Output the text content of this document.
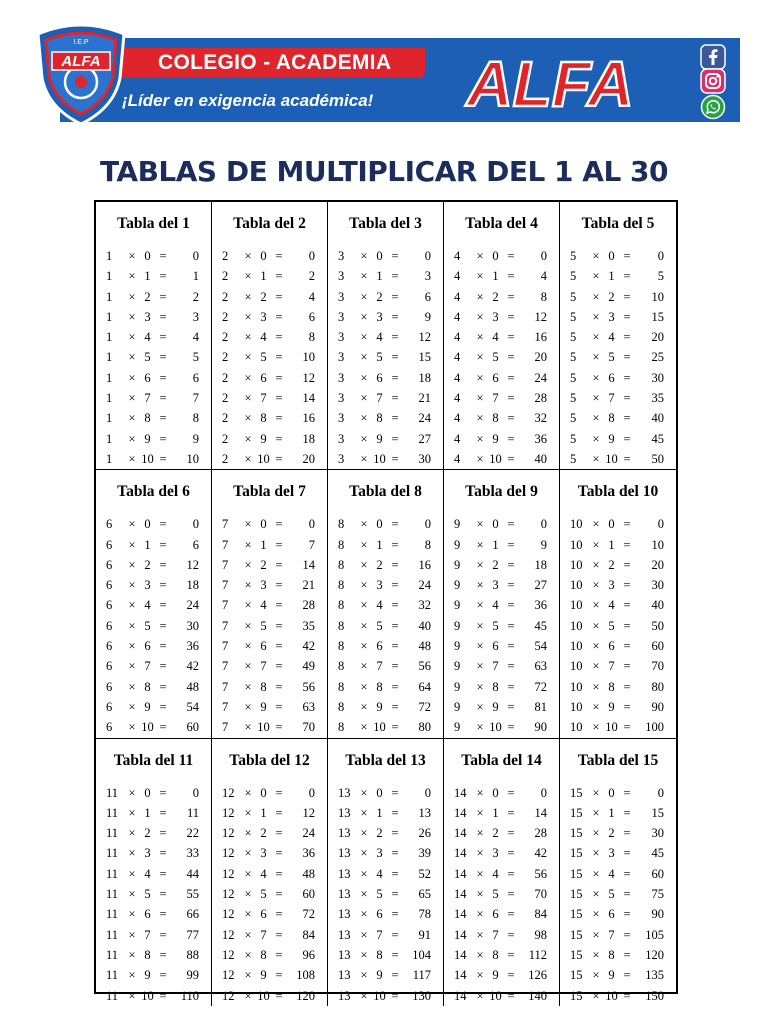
COLEGIO - ACADEMIA
¡Líder en exigencia académica!
ALFA
I.E.P
ALFA
TABLAS DE MULTIPLICAR DEL 1 AL 30
Tabla del 1
1	× 0 =	0
1	× 1 =	1
1	× 2 =	2
1	× 3 =	3
1	× 4 =	4
1	× 5 =	5
1	× 6 =	6
1	× 7 =	7
1	× 8 =	8
1	× 9 =	9
1	× 10 =	10
Tabla del 2
2	× 0 =	0
2	× 1 =	2
2	× 2 =	4
2	× 3 =	6
2	× 4 =	8
2	× 5 =	10
2	× 6 =	12
2	× 7 =	14
2	× 8 =	16
2	× 9 =	18
2	× 10 =	20
Tabla del 3
3	× 0 =	0
3	× 1 =	3
3	× 2 =	6
3	× 3 =	9
3	× 4 =	12
3	× 5 =	15
3	× 6 =	18
3	× 7 =	21
3	× 8 =	24
3	× 9 =	27
3	× 10 =	30
Tabla del 4
4	× 0 =	0
4	× 1 =	4
4	× 2 =	8
4	× 3 =	12
4	× 4 =	16
4	× 5 =	20
4	× 6 =	24
4	× 7 =	28
4	× 8 =	32
4	× 9 =	36
4	× 10 =	40
Tabla del 5
5	× 0 =	0
5	× 1 =	5
5	× 2 =	10
5	× 3 =	15
5	× 4 =	20
5	× 5 =	25
5	× 6 =	30
5	× 7 =	35
5	× 8 =	40
5	× 9 =	45
5	× 10 =	50
Tabla del 6
6	× 0 =	0
6	× 1 =	6
6	× 2 =	12
6	× 3 =	18
6	× 4 =	24
6	× 5 =	30
6	× 6 =	36
6	× 7 =	42
6	× 8 =	48
6	× 9 =	54
6	× 10 =	60
Tabla del 7
7	× 0 =	0
7	× 1 =	7
7	× 2 =	14
7	× 3 =	21
7	× 4 =	28
7	× 5 =	35
7	× 6 =	42
7	× 7 =	49
7	× 8 =	56
7	× 9 =	63
7	× 10 =	70
Tabla del 8
8	× 0 =	0
8	× 1 =	8
8	× 2 =	16
8	× 3 =	24
8	× 4 =	32
8	× 5 =	40
8	× 6 =	48
8	× 7 =	56
8	× 8 =	64
8	× 9 =	72
8	× 10 =	80
Tabla del 9
9	× 0 =	0
9	× 1 =	9
9	× 2 =	18
9	× 3 =	27
9	× 4 =	36
9	× 5 =	45
9	× 6 =	54
9	× 7 =	63
9	× 8 =	72
9	× 9 =	81
9	× 10 =	90
Tabla del 10
10 × 0 =	0
10 × 1 =	10
10 × 2 =	20
10 × 3 =	30
10 × 4 =	40
10 × 5 =	50
10 × 6 =	60
10 × 7 =	70
10 × 8 =	80
10 × 9 =	90
10 × 10 =	100
Tabla del 11
11 × 0 =	0
11 × 1 =	11
11 × 2 =	22
11 × 3 =	33
11 × 4 =	44
11 × 5 =	55
11 × 6 =	66
11 × 7 =	77
11 × 8 =	88
11 × 9 =	99
11 × 10 =	110
Tabla del 12
12 × 0 =	0
12 × 1 =	12
12 × 2 =	24
12 × 3 =	36
12 × 4 =	48
12 × 5 =	60
12 × 6 =	72
12 × 7 =	84
12 × 8 =	96
12 × 9 =	108
12 × 10 =	120
Tabla del 13
13 × 0 =	0
13 × 1 =	13
13 × 2 =	26
13 × 3 =	39
13 × 4 =	52
13 × 5 =	65
13 × 6 =	78
13 × 7 =	91
13 × 8 =	104
13 × 9 =	117
13 × 10 =	130
Tabla del 14
14 × 0 =	0
14 × 1 =	14
14 × 2 =	28
14 × 3 =	42
14 × 4 =	56
14 × 5 =	70
14 × 6 =	84
14 × 7 =	98
14 × 8 =	112
14 × 9 =	126
14 × 10 =	140
Tabla del 15
15 × 0 =	0
15 × 1 =	15
15 × 2 =	30
15 × 3 =	45
15 × 4 =	60
15 × 5 =	75
15 × 6 =	90
15 × 7 =	105
15 × 8 =	120
15 × 9 =	135
15 × 10 =	150
